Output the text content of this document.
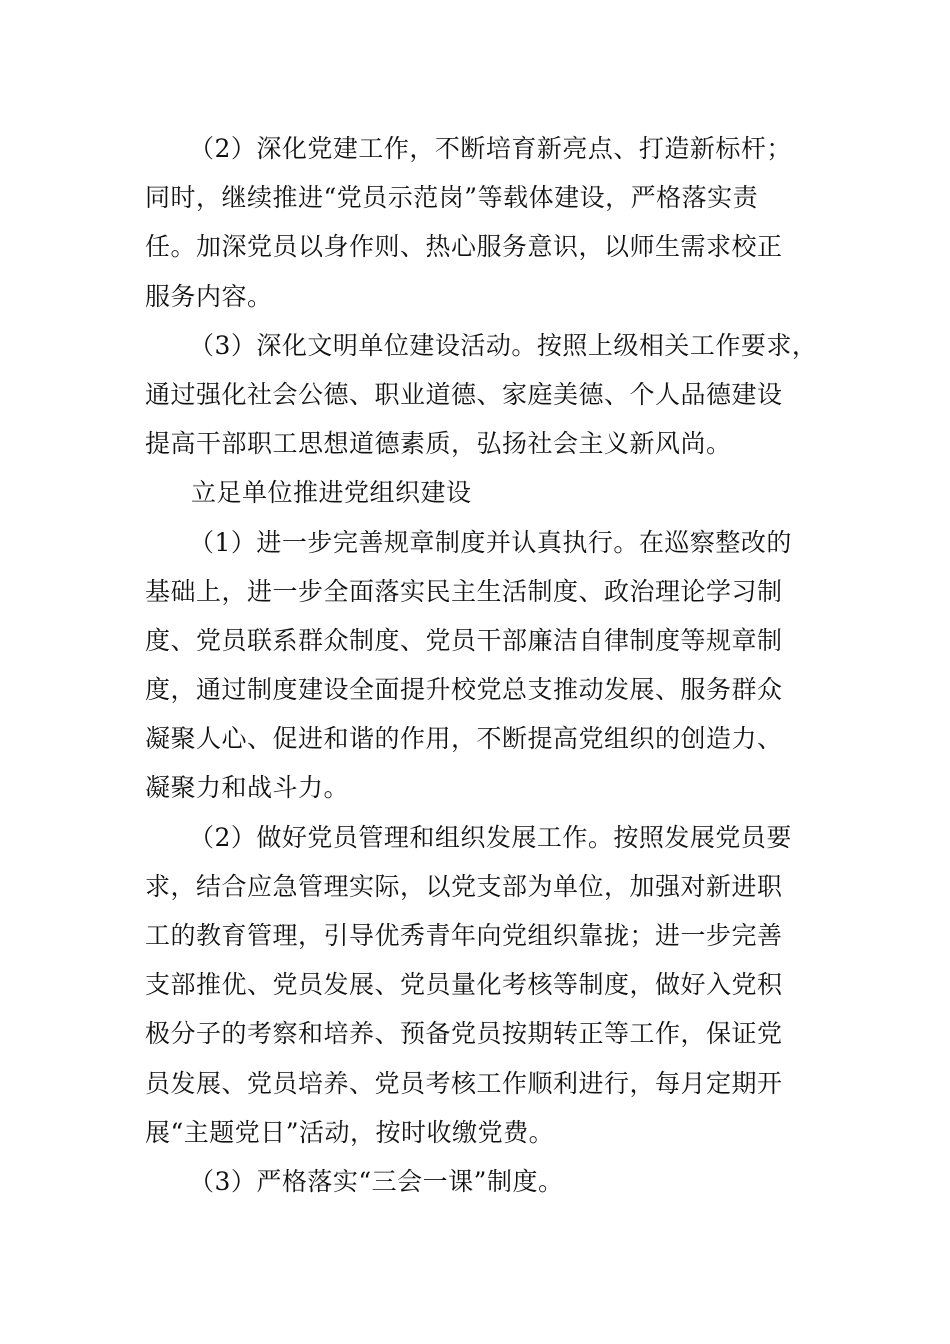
（2）深化党建工作，不断培育新亮点、打造新标杆；
同时，继续推进“党员示范岗”等载体建设，严格落实责
任。加深党员以身作则、热心服务意识，以师生需求校正
服务内容。
（3）深化文明单位建设活动。按照上级相关工作要求，
通过强化社会公德、职业道德、家庭美德、个人品德建设
提高干部职工思想道德素质，弘扬社会主义新风尚。
立足单位推进党组织建设
（1）进一步完善规章制度并认真执行。在巡察整改的
基础上，进一步全面落实民主生活制度、政治理论学习制
度、党员联系群众制度、党员干部廉洁自律制度等规章制
度，通过制度建设全面提升校党总支推动发展、服务群众
凝聚人心、促进和谐的作用，不断提高党组织的创造力、
凝聚力和战斗力。
（2）做好党员管理和组织发展工作。按照发展党员要
求，结合应急管理实际，以党支部为单位，加强对新进职
工的教育管理，引导优秀青年向党组织靠拢；进一步完善
支部推优、党员发展、党员量化考核等制度，做好入党积
极分子的考察和培养、预备党员按期转正等工作，保证党
员发展、党员培养、党员考核工作顺利进行，每月定期开
展“主题党日”活动，按时收缴党费。
（3）严格落实“三会一课”制度。
